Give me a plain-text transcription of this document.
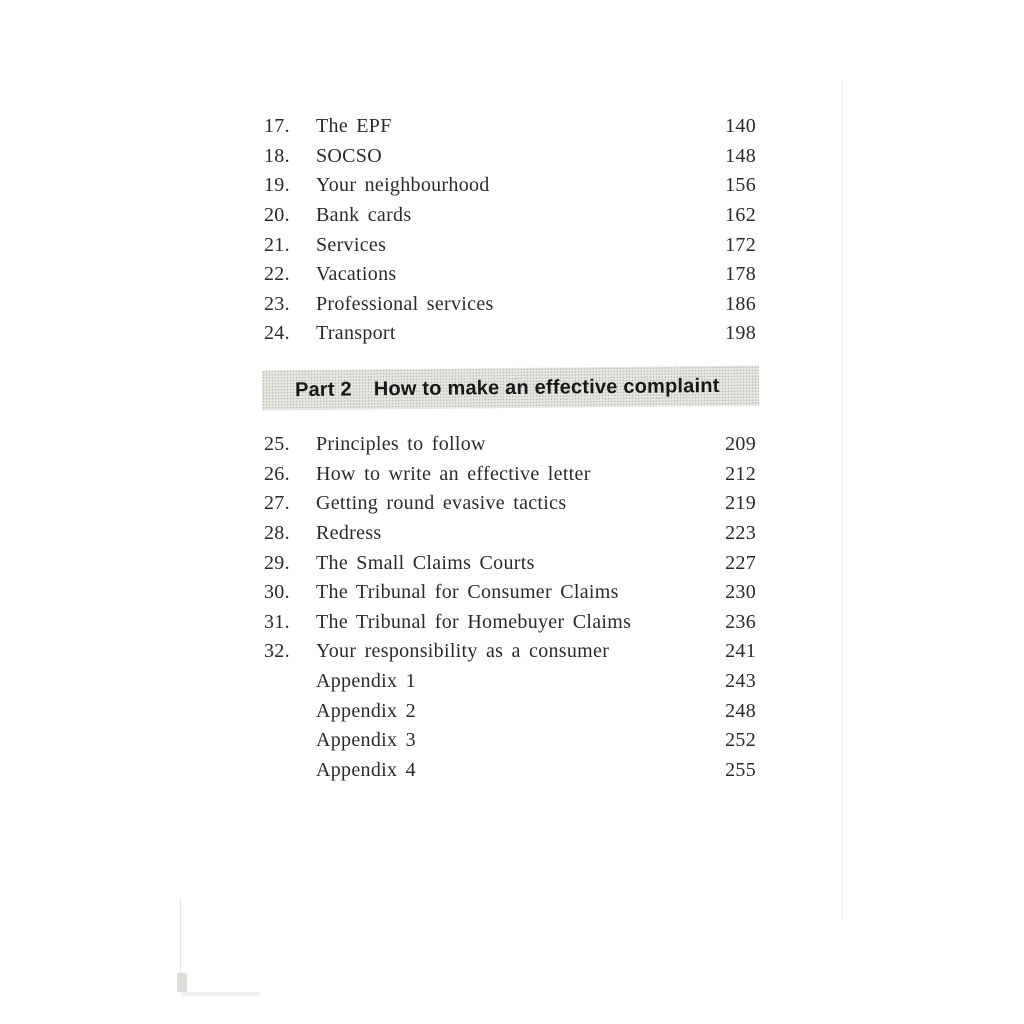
17.	The EPF	140
18.	SOCSO	148
19.	Your neighbourhood	156
20.	Bank cards	162
21.	Services	172
22.	Vacations	178
23.	Professional services	186
24.	Transport	198
Part 2 How to make an effective complaint
25.	Principles to follow	209
26.	How to write an effective letter	212
27.	Getting round evasive tactics	219
28.	Redress	223
29.	The Small Claims Courts	227
30.	The Tribunal for Consumer Claims	230
31.	The Tribunal for Homebuyer Claims	236
32.	Your responsibility as a consumer	241
Appendix 1	243
Appendix 2	248
Appendix 3	252
Appendix 4	255
